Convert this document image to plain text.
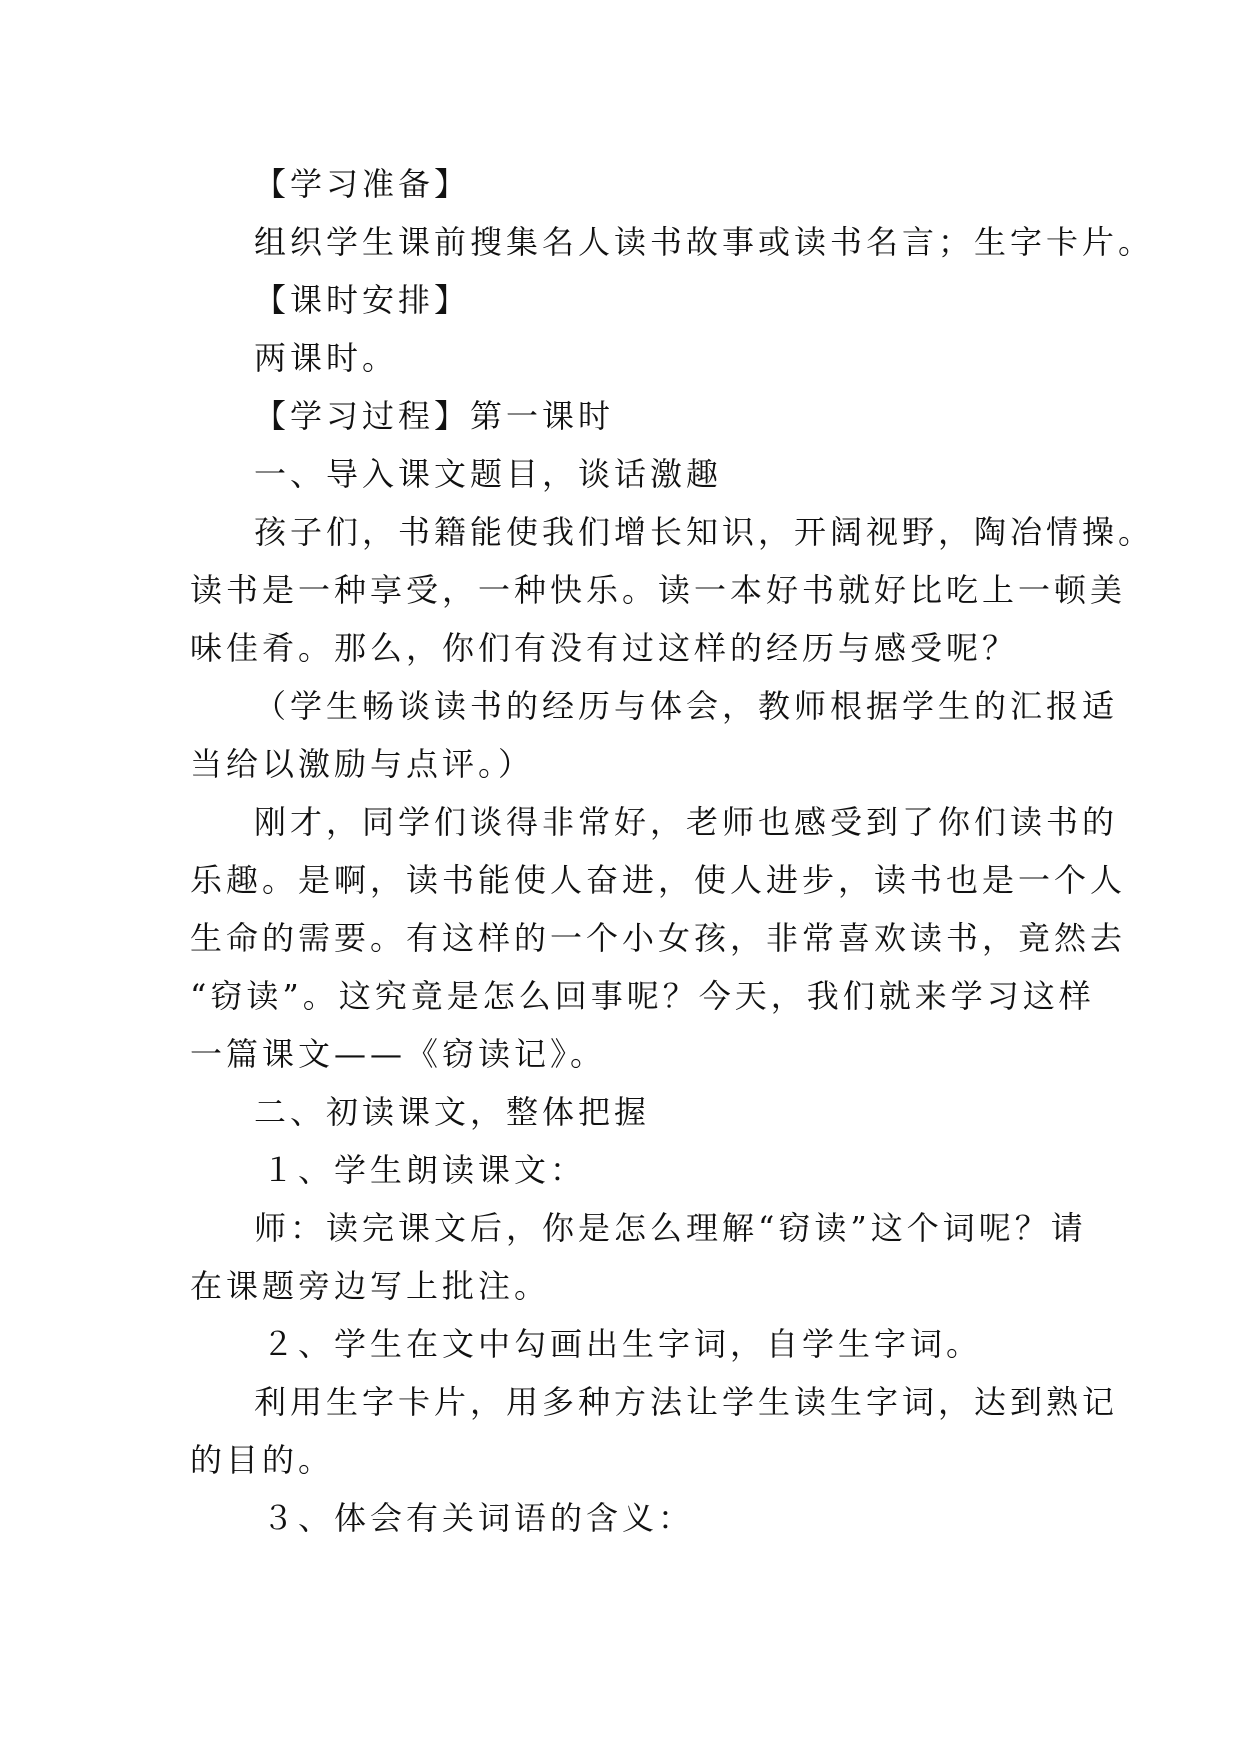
【学习准备】
组织学生课前搜集名人读书故事或读书名言；生字卡片。
【课时安排】
两课时。
【学习过程】第一课时
一、导入课文题目，谈话激趣
孩子们，书籍能使我们增长知识，开阔视野，陶冶情操。
读书是一种享受，一种快乐。读一本好书就好比吃上一顿美
味佳肴。那么，你们有没有过这样的经历与感受呢？
（学生畅谈读书的经历与体会，教师根据学生的汇报适
当给以激励与点评。）
刚才，同学们谈得非常好，老师也感受到了你们读书的
乐趣。是啊，读书能使人奋进，使人进步，读书也是一个人
生命的需要。有这样的一个小女孩，非常喜欢读书，竟然去
“窃读”。这究竟是怎么回事呢？今天，我们就来学习这样
一篇课文——《窃读记》。
二、初读课文，整体把握
１、学生朗读课文：
师：读完课文后，你是怎么理解“窃读”这个词呢？请
在课题旁边写上批注。
２、学生在文中勾画出生字词，自学生字词。
利用生字卡片，用多种方法让学生读生字词，达到熟记
的目的。
３、体会有关词语的含义：
